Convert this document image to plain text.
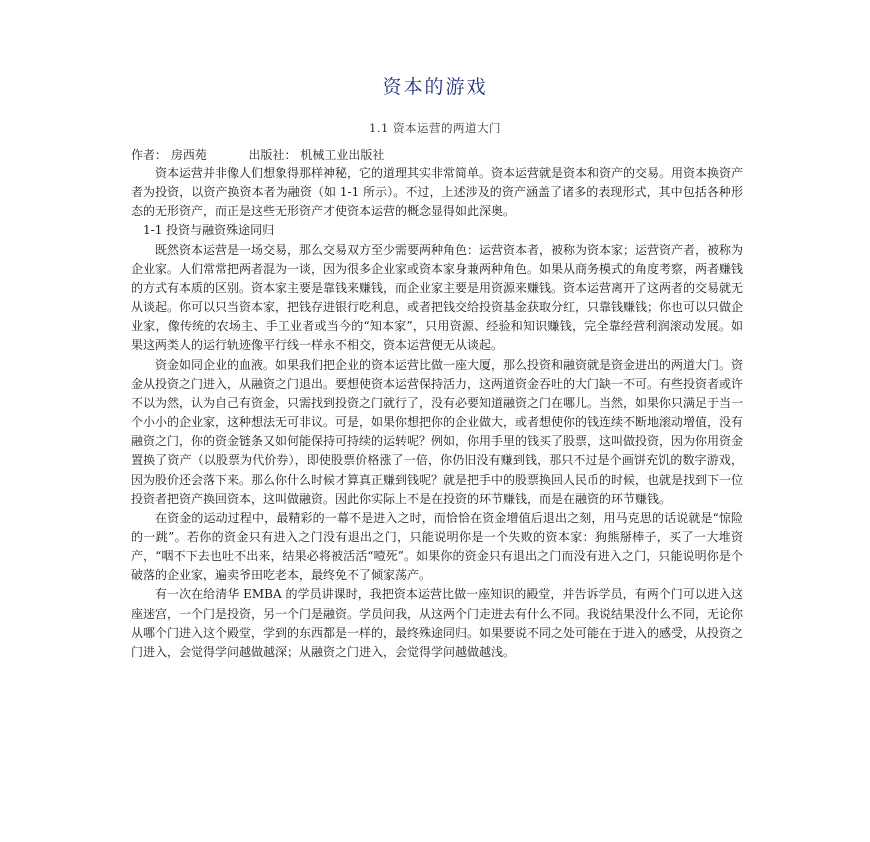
资本的游戏
1.1 资本运营的两道大门
作者： 房西苑	出版社： 机械工业出版社

资本运营并非像人们想象得那样神秘，它的道理其实非常简单。资本运营就是资本和资产的交易。用资本换资产者为投资，以资产换资本者为融资（如 1-1 所示）。不过，上述涉及的资产涵盖了诸多的表现形式，其中包括各种形态的无形资产，而正是这些无形资产才使资本运营的概念显得如此深奥。

1-1 投资与融资殊途同归

既然资本运营是一场交易，那么交易双方至少需要两种角色：运营资本者，被称为资本家；运营资产者，被称为企业家。人们常常把两者混为一谈，因为很多企业家或资本家身兼两种角色。如果从商务模式的角度考察，两者赚钱的方式有本质的区别。资本家主要是靠钱来赚钱，而企业家主要是用资源来赚钱。资本运营离开了这两者的交易就无从谈起。你可以只当资本家，把钱存进银行吃利息，或者把钱交给投资基金获取分红，只靠钱赚钱；你也可以只做企业家，像传统的农场主、手工业者或当今的“知本家”，只用资源、经验和知识赚钱，完全靠经营利润滚动发展。如果这两类人的运行轨迹像平行线一样永不相交，资本运营便无从谈起。

资金如同企业的血液。如果我们把企业的资本运营比做一座大厦，那么投资和融资就是资金进出的两道大门。资金从投资之门进入，从融资之门退出。要想使资本运营保持活力，这两道资金吞吐的大门缺一不可。有些投资者或许不以为然，认为自己有资金，只需找到投资之门就行了，没有必要知道融资之门在哪儿。当然，如果你只满足于当一个小小的企业家，这种想法无可非议。可是，如果你想把你的企业做大，或者想使你的钱连续不断地滚动增值，没有融资之门，你的资金链条又如何能保持可持续的运转呢？例如，你用手里的钱买了股票，这叫做投资，因为你用资金置换了资产（以股票为代价券），即使股票价格涨了一倍，你仍旧没有赚到钱，那只不过是个画饼充饥的数字游戏，因为股价还会落下来。那么你什么时候才算真正赚到钱呢？就是把手中的股票换回人民币的时候，也就是找到下一位投资者把资产换回资本，这叫做融资。因此你实际上不是在投资的环节赚钱，而是在融资的环节赚钱。

在资金的运动过程中，最精彩的一幕不是进入之时，而恰恰在资金增值后退出之刻，用马克思的话说就是“惊险的一跳”。若你的资金只有进入之门没有退出之门，只能说明你是一个失败的资本家：狗熊掰棒子，买了一大堆资产，“咽不下去也吐不出来，结果必将被活活“噎死”。如果你的资金只有退出之门而没有进入之门，只能说明你是个破落的企业家，遍卖爷田吃老本，最终免不了倾家荡产。

有一次在给清华 EMBA 的学员讲课时，我把资本运营比做一座知识的殿堂，并告诉学员，有两个门可以进入这座迷宫，一个门是投资，另一个门是融资。学员问我，从这两个门走进去有什么不同。我说结果没什么不同，无论你从哪个门进入这个殿堂，学到的东西都是一样的，最终殊途同归。如果要说不同之处可能在于进入的感受，从投资之门进入，会觉得学问越做越深；从融资之门进入，会觉得学问越做越浅。
